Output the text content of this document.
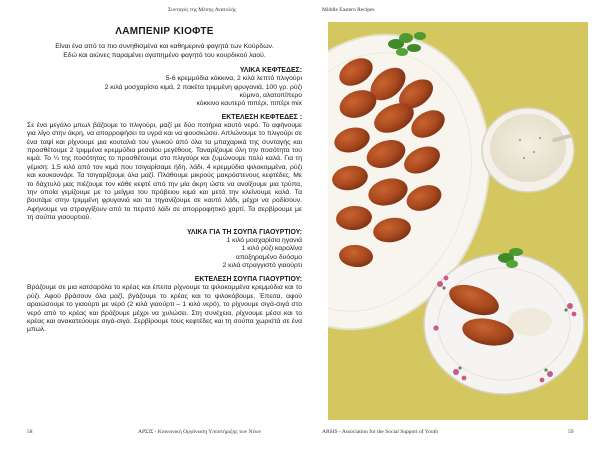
Συνταγές της Μέσης Ανατολής
ΛΑΜΠΕΝΙΡ ΚΙΟΦΤΕ
Είναι ένα από τα πιο συνηθισμένα και καθημερινά φαγητά των Κούρδων.
Εδώ και αιώνες παραμένει αγαπημένο φαγητό του κουρδικού λαού.
ΥΛΙΚΑ ΚΕΦΤΕΔΕΣ:
5-6 κρεμμύδια κόκκινα, 2 κιλά λεπτό πλιγούρι
2 κιλά μοσχαρίσιο κιμά, 2 πακέτα τριμμένη φρυγανιά, 100 γρ. ρύζι
κύμινο, αλατοπίπερο
κόκκινο καυτερό πιπέρι, πιπέρι mix
ΕΚΤΕΛΕΣΗ ΚΕΦΤΕΔΕΣ :

Σε ένα μεγάλο μπωλ βάζουμε το πλιγούρι, μαζί με δύο ποτήρια καυτό νερό. Το αφήνουμε για λίγο στην άκρη, να απορροφήσει τα υγρά και να φουσκώσει. Απλώνουμε το πλιγούρι σε ένα ταψί και ρίχνουμε μια κουταλιά του γλυκού από όλα τα μπαχαρικά της συνταγής και προσθέτουμε 2 τριμμένα κρεμμύδια μεσαίου μεγέθους. Ταναρίζουμε όλη την ποσότητα του κιμά. Το ¼ της ποσότητας το προσθέτουμε στο πλιγούρι και ζυμώνουμε πολύ καλά. Για τη γέμιση: 1,5 κιλό από τον κιμά που τσιγαρίσαμε ήδη, λάδι, 4 κρεμμύδια ψιλοκομμένα, ρύζι και κουκουνάρι. Τα τσιγαρίζουμε όλα μαζί. Πλάθουμε μικρούς μακρόστενους κεφτέδες. Με το δάχτυλό μας πιέζουμε τον κάθε κεφτέ από την μία άκρη ώστε να ανοίξουμε μια τρύπα, την οποία γεμίζουμε με το μείγμα του πρόβειου κιμά και μετά την κλείνουμε καλά. Τα βουτάμε στην τριμμένη φρυγανιά και τα τηγανίζουμε σε καυτό λάδι, μέχρι να ροδίσουν. Αφήνουμε να στραγγίξουν από το περιττό λάδι σε απορροφητικό χαρτί. Τα σερβίρουμε με τη σούπα γιαουρτιού.

ΥΛΙΚΑ ΓΙΑ ΤΗ ΣΟΥΠΑ ΓΙΑΟΥΡΤΙΟΥ:
1 κιλό μοσχαρίσια ηγανιά
1 κιλό ρύζι καρολίνα
αποξηραμένο δυόσμο
2 κιλά στραγγιστό γιαούρτι
ΕΚΤΕΛΕΣΗ ΣΟΥΠΑ ΓΙΑΟΥΡΤΙΟΥ:

Βράζουμε σε μια κατσαρόλα το κρέας και έπειτα ρίχνουμε τα ψιλοκομμένα κρεμμύδια και το ρύζι. Αφού βράσουν όλα μαζί, βγάζουμε το κρέας και το ψιλοκόβουμε. Έπειτα, αφού αραιώσουμε το γιαούρτι με νερό (2 κιλά γιαούρτι – 1 κιλό νερό), το ρίχνουμε σιγά-σιγά στο νερό από το κρέας και βράζουμε μέχρι να χυλώσει. Στη συνέχεια, ρίχνουμε μέσα και το κρέας και ανακατεύουμε σιγά-σιγά. Σερβίρουμε τους κεφτέδες και τη σούπα χωριστά σε ένα μπωλ.

58	ΑΡΣΙΣ - Κοινωνική Οργάνωση Υποστήριξης των Νέων
Middle Eastern Recipes
ARSIS - Association for the Social Support of Youth	59
